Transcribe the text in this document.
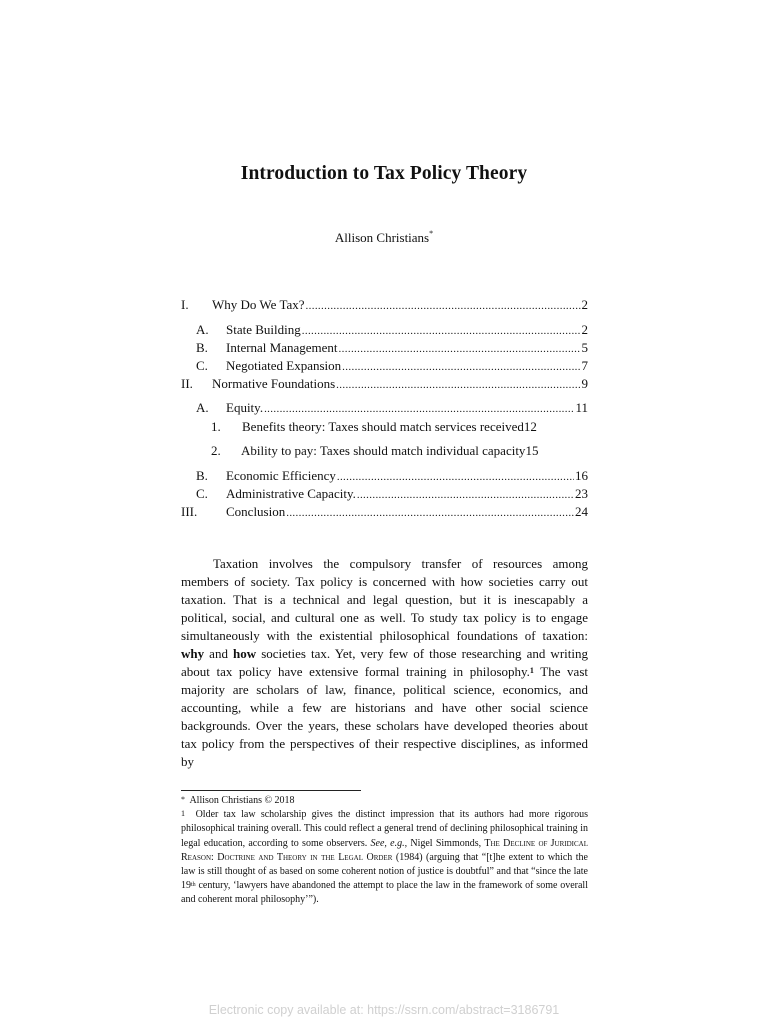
Introduction to Tax Policy Theory
Allison Christians*
I.	Why Do We Tax? . . .	2
A.	State Building . . .	2
B.	Internal Management . . .	5
C.	Negotiated Expansion . . .	7
II.	Normative Foundations . . .	9
A.	Equity. . . .	11
1.	Benefits theory: Taxes should match services received 12
2.	Ability to pay: Taxes should match individual capacity 15
B.	Economic Efficiency . . .	16
C.	Administrative Capacity. . . .	23
III.	Conclusion . . .	24

Taxation involves the compulsory transfer of resources among members of society. Tax policy is concerned with how societies carry out taxation. That is a technical and legal question, but it is inescapably a political, social, and cultural one as well. To study tax policy is to engage simultaneously with the existential philosophical foundations of taxation: why and how societies tax. Yet, very few of those researching and writing about tax policy have extensive formal training in philosophy.$^1$ The vast majority are scholars of law, finance, political science, economics, and accounting, while a few are historians and have other social science backgrounds. Over the years, these scholars have developed theories about tax policy from the perspectives of their respective disciplines, as informed by

* Allison Christians © 2018

$^1$ Older tax law scholarship gives the distinct impression that its authors had more rigorous philosophical training overall. This could reflect a general trend of declining philosophical training in legal education, according to some observers. See, e.g., Nigel Simmonds, The Decline of Juridical Reason: Doctrine and Theory in the Legal Order (1984) (arguing that “[t]he extent to which the law is still thought of as based on some coherent notion of justice is doubtful” and that “since the late 19th century, ‘lawyers have abandoned the attempt to place the law in the framework of some overall and coherent moral philosophy’”).

Electronic copy available at: https://ssrn.com/abstract=3186791
